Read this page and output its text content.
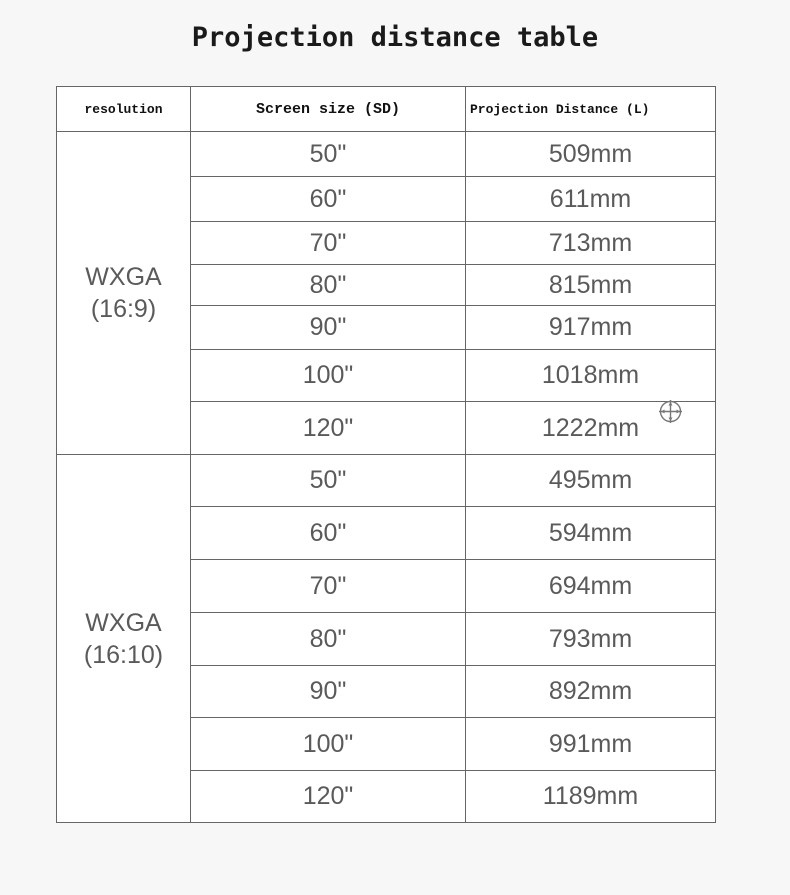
Projection distance table
resolution	Screen size (SD)	Projection Distance (L)

WXGA
(16:9)	50"	509mm
	60"	611mm
	70"	713mm
	80"	815mm
	90"	917mm
	100"	1018mm
	120"	1222mm

WXGA
(16:10)	50"	495mm
	60"	594mm
	70"	694mm
	80"	793mm
	90"	892mm
	100"	991mm
	120"	1189mm
